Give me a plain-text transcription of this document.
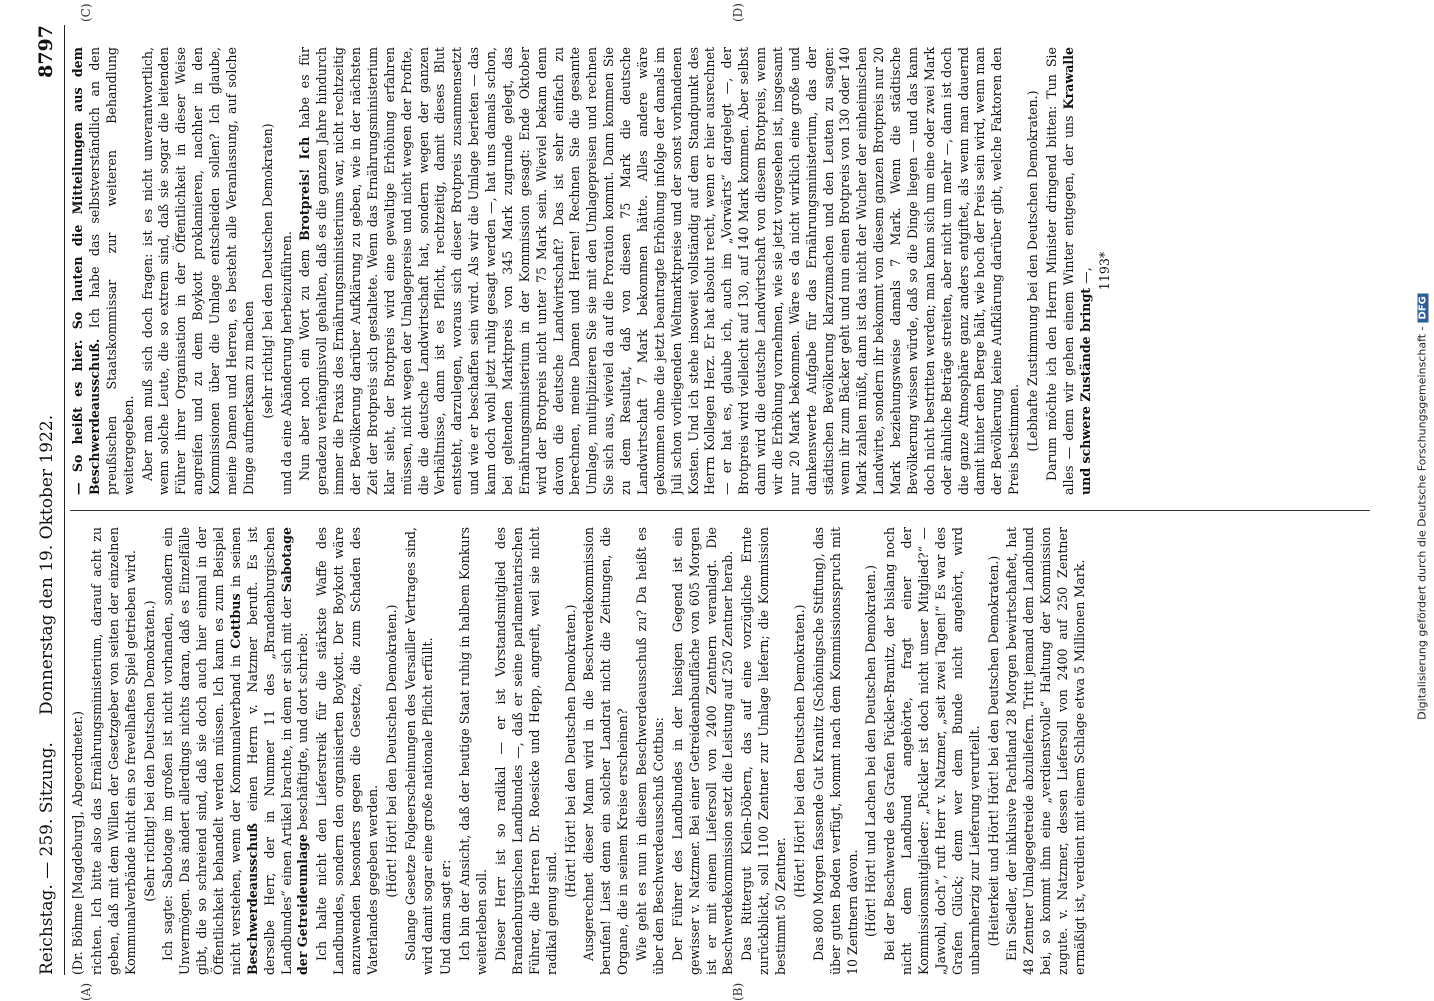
Reichstag. — 259. Sitzung.
Donnerstag den 19. Oktober 1922.
8797
(A)	(B)
(C)	(D)

(Dr. Böhme [Magdeburg], Abgeordneter.) richten. Ich bitte also das Ernährungsministerium, darauf acht zu geben, daß mit dem Willen der Gesetzgeber von seiten der einzelnen Kommunalverbände nicht ein so frevelhaftes Spiel getrieben wird. (Sehr richtig! bei den Deutschen Demokraten.) Ich sagte: Sabotage im großen ist nicht vorhanden, sondern ein Unvermögen. Das ändert allerdings nichts daran, daß es Einzelfälle gibt, die so schreiend sind, daß sie doch auch hier einmal in der Öffentlichkeit behandelt werden müssen. Ich kann es zum Beispiel nicht verstehen, wenn der Kommunalverband in Cottbus in seinen Beschwerdeausschuß einen Herrn v. Natzmer beruft. Es ist derselbe Herr, der in Nummer 11 des „Brandenburgischen Landbundes“ einen Artikel brachte, in dem er sich mit der Sabotage der Getreideumlage beschäftigte, und dort schrieb: Ich halte nicht den Lieferstreik für die stärkste Waffe des Landbundes, sondern den organisierten Boykott. Der Boykott wäre anzuwenden besonders gegen die Gesetze, die zum Schaden des Vaterlandes gegeben werden. (Hört! Hört! bei den Deutschen Demokraten.) Solange Gesetze Folgeerscheinungen des Versailler Vertrages sind, wird damit sogar eine große nationale Pflicht erfüllt. Und dann sagt er: Ich bin der Ansicht, daß der heutige Staat ruhig in halbem Konkurs weiterleben soll. Dieser Herr ist so radikal — er ist Vorstandsmitglied des Brandenburgischen Landbundes —, daß er seine parlamentarischen Führer, die Herren Dr. Roesicke und Hepp, angreift, weil sie nicht radikal genug sind.

(Hört! Hört! bei den Deutschen Demokraten.) Ausgerechnet dieser Mann wird in die Beschwerdekommission berufen! Liest denn ein solcher Landrat nicht die Zeitungen, die Organe, die in seinem Kreise erscheinen? Wie geht es nun in diesem Beschwerdeausschuß zu? Da heißt es über den Beschwerdeausschuß Cottbus: Der Führer des Landbundes in der hiesigen Gegend ist ein gewisser v. Natzmer. Bei einer Getreideanbaufläche von 605 Morgen ist er mit einem Liefersoll von 2400 Zentnern veranlagt. Die Beschwerdekommission setzt die Leistung auf 250 Zentner herab. Das Rittergut Klein-Döbern, das auf eine vorzügliche Ernte zurückblickt, soll 1100 Zentner zur Umlage liefern; die Kommission bestimmt 50 Zentner.

(Hört! Hört! bei den Deutschen Demokraten.) Das 800 Morgen fassende Gut Kranitz (Schöningsche Stiftung), das über guten Boden verfügt, kommt nach dem Kommissionsspruch mit 10 Zentnern davon. (Hört! Hört! und Lachen bei den Deutschen Demokraten.) Bei der Beschwerde des Grafen Pückler-Branitz, der bislang noch nicht dem Landbund angehörte, fragt einer der Kommissionsmitglieder: „Pückler ist doch nicht unser Mitglied?“ — „Jawohl, doch“, ruft Herr v. Natzmer, „seit zwei Tagen!“ Es war des Grafen Glück; denn wer dem Bunde nicht angehört, wird unbarmherzig zur Lieferung verurteilt. (Heiterkeit und Hört! Hört! bei den Deutschen Demokraten.) Ein Siedler, der inklusive Pachtland 28 Morgen bewirtschaftet, hat 48 Zentner Umlagegetreide abzuliefern. Tritt jemand dem Landbund bei, so kommt ihm eine „verdienstvolle“ Haltung der Kommission zugute. v. Natzmer, dessen Liefersoll von 2400 auf 250 Zentner ermäßigt ist, verdient mit einem Schlage etwa 5 Millionen Mark.

— So heißt es hier. So lauten die Mitteilungen aus dem Beschwerdeausschuß. Ich habe das selbstverständlich an den preußischen Staatskommissar zur weiteren Behandlung weitergegeben. Aber man muß sich doch fragen: ist es nicht unverantwortlich, wenn solche Leute, die so extrem sind, daß sie sogar die leitenden Führer ihrer Organisation in der Öffentlichkeit in dieser Weise angreifen und zu dem Boykott proklamieren, nachher in den Kommissionen über die Umlage entscheiden sollen? Ich glaube, meine Damen und Herren, es besteht alle Veranlassung, auf solche Dinge aufmerksam zu machen (sehr richtig! bei den Deutschen Demokraten) und da eine Abänderung herbeizuführen. Nun aber noch ein Wort zu dem Brotpreis! Ich habe es für geradezu verhängnisvoll gehalten, daß es die ganzen Jahre hindurch immer die Praxis des Ernährungsministeriums war, nicht rechtzeitig der Bevölkerung darüber Aufklärung zu geben, wie in der nächsten Zeit der Brotpreis sich gestaltete. Wenn das Ernährungsministerium klar sieht, der Brotpreis wird eine gewaltige Erhöhung erfahren müssen, nicht wegen der Umlagepreise und nicht wegen der Profite, die die deutsche Landwirtschaft hat, sondern wegen der ganzen Verhältnisse, dann ist es Pflicht, rechtzeitig, damit dieses Blut entsteht, darzulegen, woraus sich dieser Brotpreis zusammensetzt und wie er beschaffen sein wird. Als wir die Umlage berieten — das kann doch wohl jetzt ruhig gesagt werden —, hat uns damals schon, bei geltenden Marktpreis von 345 Mark zugrunde gelegt, das Ernährungsministerium in der Kommission gesagt: Ende Oktober wird der Brotpreis nicht unter 75 Mark sein. Wieviel bekam denn davon die deutsche Landwirtschaft? Das ist sehr einfach zu berechnen, meine Damen und Herren! Rechnen Sie die gesamte Umlage, multiplizieren Sie sie mit den Umlagepreisen und rechnen Sie sich aus, wieviel da auf die Proration kommt. Dann kommen Sie zu dem Resultat, daß von diesen 75 Mark die deutsche Landwirtschaft 7 Mark bekommen hätte. Alles andere wäre gekommen ohne die jetzt beantragte Erhöhung infolge der damals im Juli schon vorliegenden Weltmarktpreise und der sonst vorhandenen Kosten. Und ich stehe insoweit vollständig auf dem Standpunkt des Herrn Kollegen Herz. Er hat absolut recht, wenn er hier ausrechnet — er hat es, glaube ich, auch im „Vorwärts“ dargelegt —, der Brotpreis wird vielleicht auf 130, auf 140 Mark kommen. Aber selbst dann wird die deutsche Landwirtschaft von diesem Brotpreis, wenn wir die Erhöhung vornehmen, wie sie jetzt vorgesehen ist, insgesamt nur 20 Mark bekommen. Wäre es da nicht wirklich eine große und dankenswerte Aufgabe für das Ernährungsministerium, das der städtischen Bevölkerung klarzumachen und den Leuten zu sagen: wenn ihr zum Bäcker geht und nun einen Brotpreis von 130 oder 140 Mark zahlen müßt, dann ist das nicht der Wucher der einheimischen Landwirte, sondern ihr bekommt von diesem ganzen Brotpreis nur 20 Mark beziehungsweise damals 7 Mark. Wenn die städtische Bevölkerung wissen würde, daß so die Dinge liegen — und das kann doch nicht bestritten werden; man kann sich um eine oder zwei Mark oder ähnliche Beträge streiten, aber nicht um mehr —, dann ist doch die ganze Atmosphäre ganz anders entgiftet, als wenn man dauernd damit hinter dem Berge hält, wie hoch der Preis sein wird, wenn man der Bevölkerung keine Aufklärung darüber gibt, welche Faktoren den Preis bestimmen. (Lebhafte Zustimmung bei den Deutschen Demokraten.) Darum möchte ich den Herrn Minister dringend bitten: Tun Sie alles — denn wir gehen einem Winter entgegen, der uns Krawalle und schwere Zustände bringt —, 1193*

Digitalisierung gefördert durch die Deutsche Forschungsgemeinschaft -DFG
